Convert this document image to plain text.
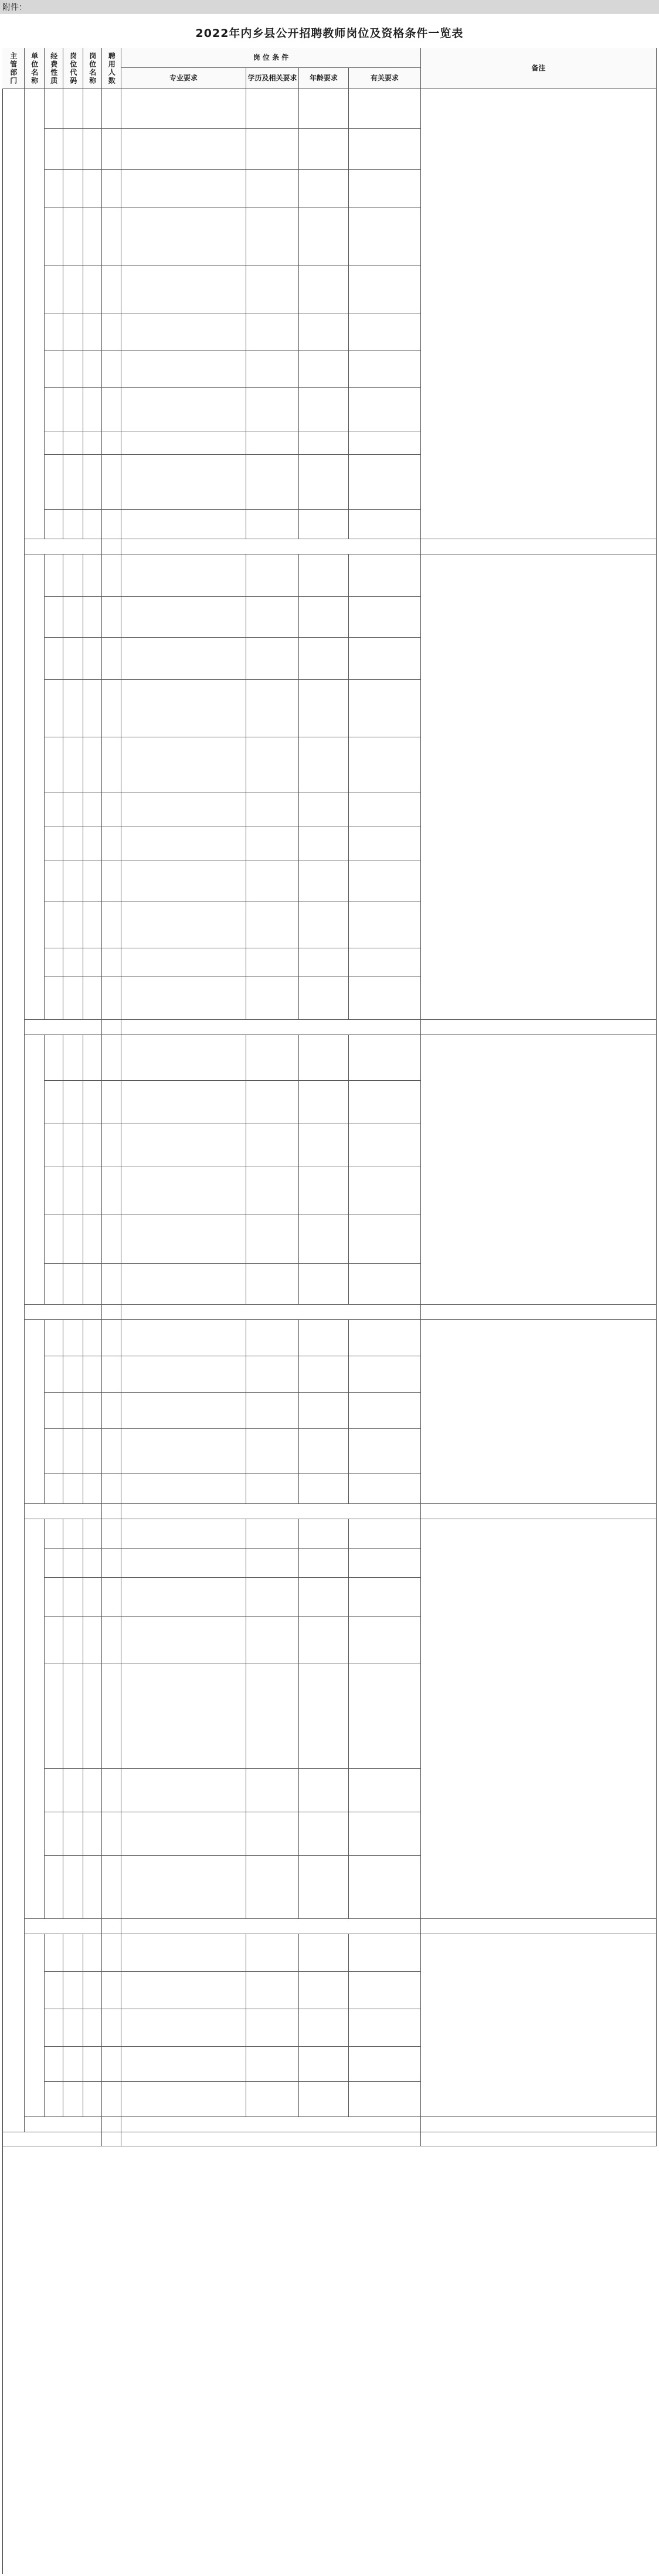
附件：
2022年内乡县公开招聘教师岗位及资格条件一览表
主管部门	单位名称	经费性质	岗位代码	岗位名称	聘用人数	岗 位 条 件
专业要求	学历及相关要求	年龄要求	有关要求
备注
